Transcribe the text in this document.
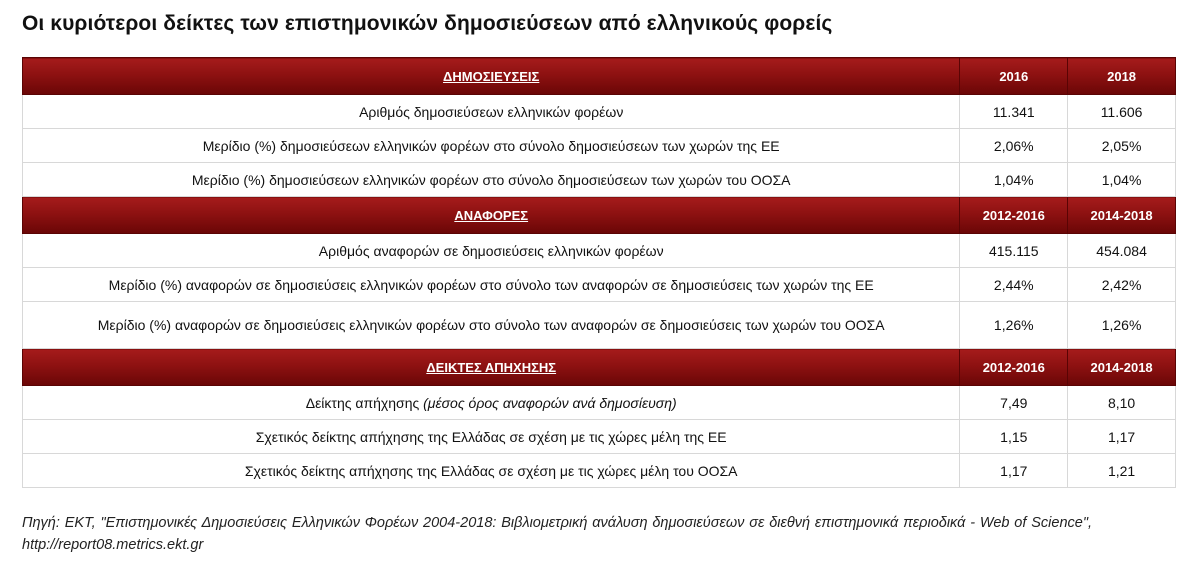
Οι κυριότεροι δείκτες των επιστημονικών δημοσιεύσεων από ελληνικούς φορείς
ΔΗΜΟΣΙΕΥΣΕΙΣ	2016	2018
Αριθμός δημοσιεύσεων ελληνικών φορέων	11.341	11.606
Μερίδιο (%) δημοσιεύσεων ελληνικών φορέων στο σύνολο δημοσιεύσεων των χωρών της ΕΕ	2,06%	2,05%
Μερίδιο (%) δημοσιεύσεων ελληνικών φορέων στο σύνολο δημοσιεύσεων των χωρών του ΟΟΣΑ	1,04%	1,04%
ΑΝΑΦΟΡΕΣ	2012-2016	2014-2018
Αριθμός αναφορών σε δημοσιεύσεις ελληνικών φορέων	415.115	454.084
Μερίδιο (%) αναφορών σε δημοσιεύσεις ελληνικών φορέων στο σύνολο των αναφορών σε δημοσιεύσεις των χωρών της ΕΕ	2,44%	2,42%
Μερίδιο (%) αναφορών σε δημοσιεύσεις ελληνικών φορέων στο σύνολο των αναφορών σε δημοσιεύσεις των χωρών του ΟΟΣΑ	1,26%	1,26%
ΔΕΙΚΤΕΣ ΑΠΗΧΗΣΗΣ	2012-2016	2014-2018
Δείκτης απήχησης (μέσος όρος αναφορών ανά δημοσίευση)	7,49	8,10
Σχετικός δείκτης απήχησης της Ελλάδας σε σχέση με τις χώρες μέλη της ΕΕ	1,15	1,17
Σχετικός δείκτης απήχησης της Ελλάδας σε σχέση με τις χώρες μέλη του ΟΟΣΑ	1,17	1,21
Πηγή: ΕΚΤ, "Επιστημονικές Δημοσιεύσεις Ελληνικών Φορέων 2004-2018: Βιβλιομετρική ανάλυση δημοσιεύσεων σε διεθνή επιστημονικά περιοδικά - Web of Science", http://report08.metrics.ekt.gr
